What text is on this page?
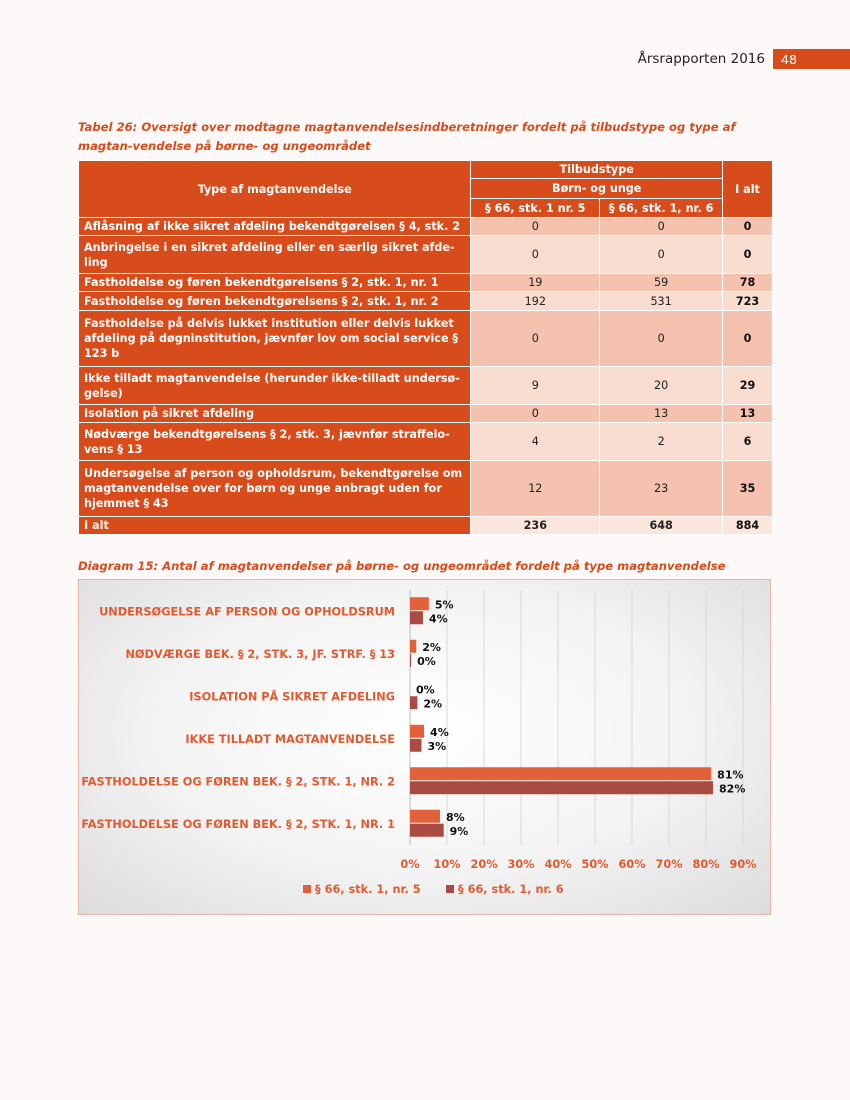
Årsrapporten 2016	48
Tabel 26: Oversigt over modtagne magtanvendelsesindberetninger fordelt på tilbudstype og type af magtan-vendelse på børne- og ungeområdet
Type af magtanvendelse	Tilbudstype		I alt
	Børn- og unge		
	§ 66, stk. 1 nr. 5	§ 66, stk. 1, nr. 6	
Aflåsning af ikke sikret afdeling bekendtgørelsen § 4, stk. 2	0	0	0
Anbringelse i en sikret afdeling eller en særlig sikret afde-ling	0	0	0
Fastholdelse og føren bekendtgørelsens § 2, stk. 1, nr. 1	19	59	78
Fastholdelse og føren bekendtgørelsens § 2, stk. 1, nr. 2	192	531	723
Fastholdelse på delvis lukket institution eller delvis lukket afdeling på døgninstitution, jævnfør lov om social service § 123 b	0	0	0
Ikke tilladt magtanvendelse (herunder ikke-tilladt undersø-gelse)	9	20	29
Isolation på sikret afdeling	0	13	13
Nødværge bekendtgørelsens § 2, stk. 3, jævnfør straffelo-vens § 13	4	2	6
Undersøgelse af person og opholdsrum, bekendtgørelse om magtanvendelse over for børn og unge anbragt uden for hjemmet § 43	12	23	35
I alt	236	648	884
Diagram 15: Antal af magtanvendelser på børne- og ungeområdet fordelt på type magtanvendelse
0% 10% 20% 30% 40% 50% 60% 70% 80% 90%
UNDERSØGELSE AF PERSON OG OPHOLDSRUM
5%
4%
NØDVÆRGE BEK. § 2, STK. 3, JF. STRF. § 13
2%
0%
ISOLATION PÅ SIKRET AFDELING
0%
2%
IKKE TILLADT MAGTANVENDELSE
4%
3%
FASTHOLDELSE OG FØREN BEK. § 2, STK. 1, NR. 2
81%
82%
FASTHOLDELSE OG FØREN BEK. § 2, STK. 1, NR. 1
8%
9%
§ 66, stk. 1, nr. 5	§ 66, stk. 1, nr. 6
